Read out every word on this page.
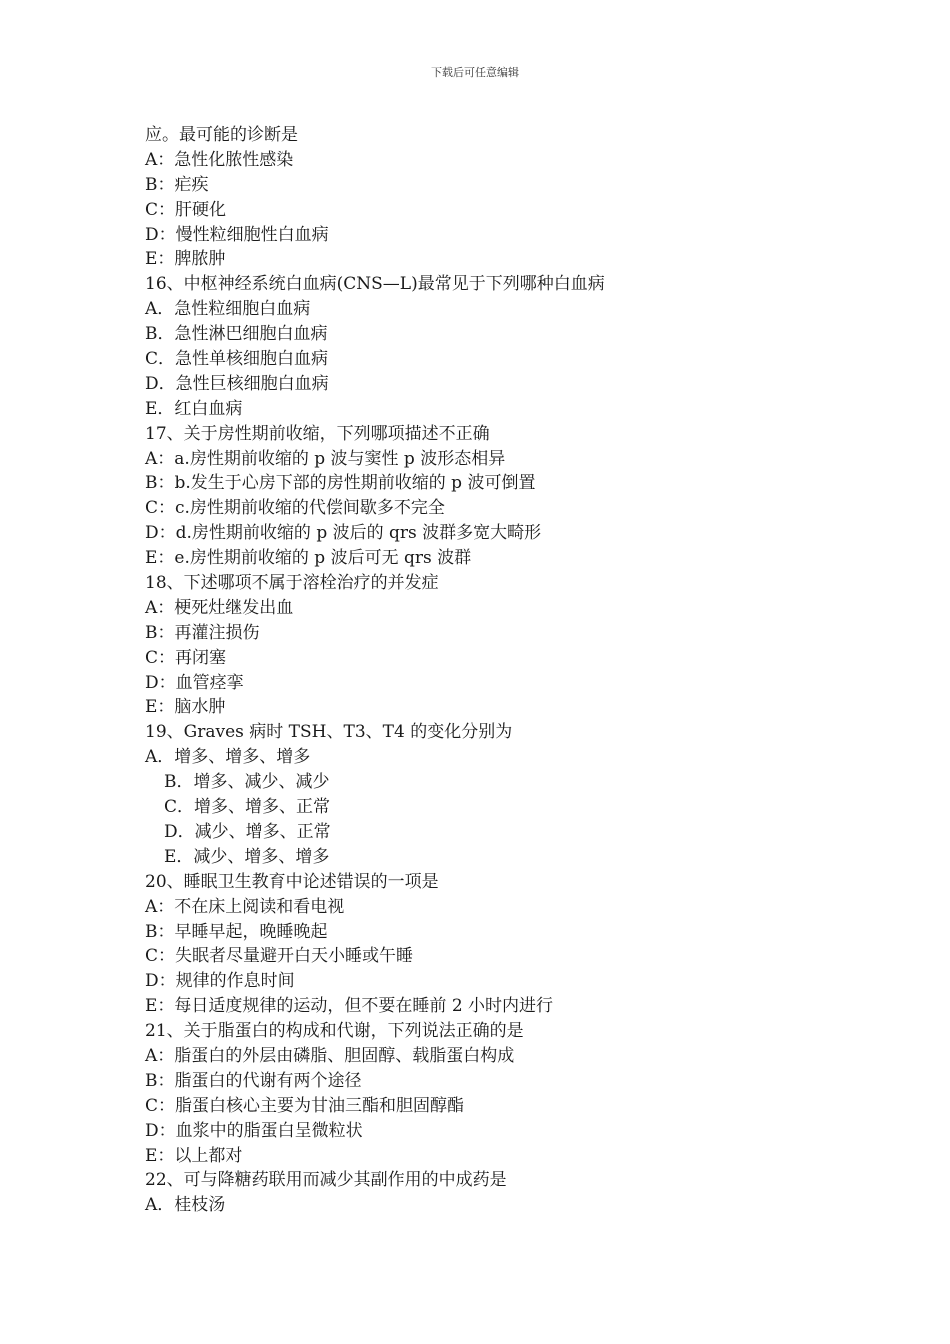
下载后可任意编辑
应。最可能的诊断是
A：急性化脓性感染
B：疟疾
C：肝硬化
D：慢性粒细胞性白血病
E：脾脓肿
16、中枢神经系统白血病(CNS—L)最常见于下列哪种白血病
A．急性粒细胞白血病
B．急性淋巴细胞白血病
C．急性单核细胞白血病
D．急性巨核细胞白血病
E．红白血病
17、关于房性期前收缩，下列哪项描述不正确
A：a.房性期前收缩的 p 波与窦性 p 波形态相异
B：b.发生于心房下部的房性期前收缩的 p 波可倒置
C：c.房性期前收缩的代偿间歇多不完全
D：d.房性期前收缩的 p 波后的 qrs 波群多宽大畸形
E：e.房性期前收缩的 p 波后可无 qrs 波群
18、下述哪项不属于溶栓治疗的并发症
A：梗死灶继发出血
B：再灌注损伤
C：再闭塞
D：血管痉挛
E：脑水肿
19、Graves 病时 TSH、T3、T4 的变化分别为
A．增多、增多、增多
B．增多、减少、减少
C．增多、增多、正常
D．减少、增多、正常
E．减少、增多、增多
20、睡眠卫生教育中论述错误的一项是
A：不在床上阅读和看电视
B：早睡早起，晚睡晚起
C：失眠者尽量避开白天小睡或午睡
D：规律的作息时间
E：每日适度规律的运动，但不要在睡前 2 小时内进行
21、关于脂蛋白的构成和代谢，下列说法正确的是
A：脂蛋白的外层由磷脂、胆固醇、载脂蛋白构成
B：脂蛋白的代谢有两个途径
C：脂蛋白核心主要为甘油三酯和胆固醇酯
D：血浆中的脂蛋白呈微粒状
E：以上都对
22、可与降糖药联用而减少其副作用的中成药是
A．桂枝汤
